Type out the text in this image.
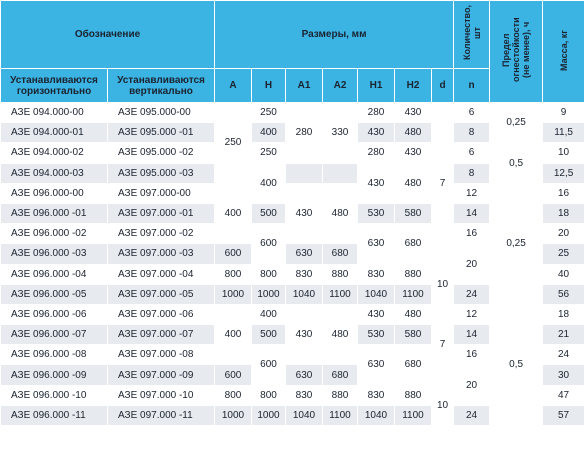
Обозначение		Размеры, мм							Количество, шт	Предел огнестойкости (не менее), ч	Масса, кг
Устанавливаются горизонтально	Устанавливаются вертикально	A	H	A1	A2	H1	H2	d	n		
АЗЕ 094.000-00	АЗЕ 095.000-00	250	250	280	330	280	430	7	6	0,25	9
АЗЕ 094.000-01	АЗЕ 095.000 -01		400			430	480		8		11,5
АЗЕ 094.000-02	АЗЕ 095.000 -02		250			280	430		6	0,5	10
АЗЕ 094.000-03	АЗЕ 095.000 -03		400			430	480		8		12,5
АЗЕ 096.000-00	АЗЕ 097.000-00	400		430	480				12	0,25	16
АЗЕ 096.000 -01	АЗЕ 097.000 -01		500			530	580		14		18
АЗЕ 096.000 -02	АЗЕ 097.000 -02		600			630	680		16		20
АЗЕ 096.000 -03	АЗЕ 097.000 -03	600		630	680				20		25
АЗЕ 096.000 -04	АЗЕ 097.000 -04	800	800	830	880	830	880	10			40
АЗЕ 096.000 -05	АЗЕ 097.000 -05	1000	1000	1040	1100	1040	1100		24		56
АЗЕ 096.000 -06	АЗЕ 097.000 -06	400	400	430	480	430	480	7	12	0,5	18
АЗЕ 096.000 -07	АЗЕ 097.000 -07		500			530	580		14		21
АЗЕ 096.000 -08	АЗЕ 097.000 -08		600			630	680		16		24
АЗЕ 096.000 -09	АЗЕ 097.000 -09	600		630	680				20		30
АЗЕ 096.000 -10	АЗЕ 097.000 -10	800	800	830	880	830	880	10			47
АЗЕ 096.000 -11	АЗЕ 097.000 -11	1000	1000	1040	1100	1040	1100		24		57
